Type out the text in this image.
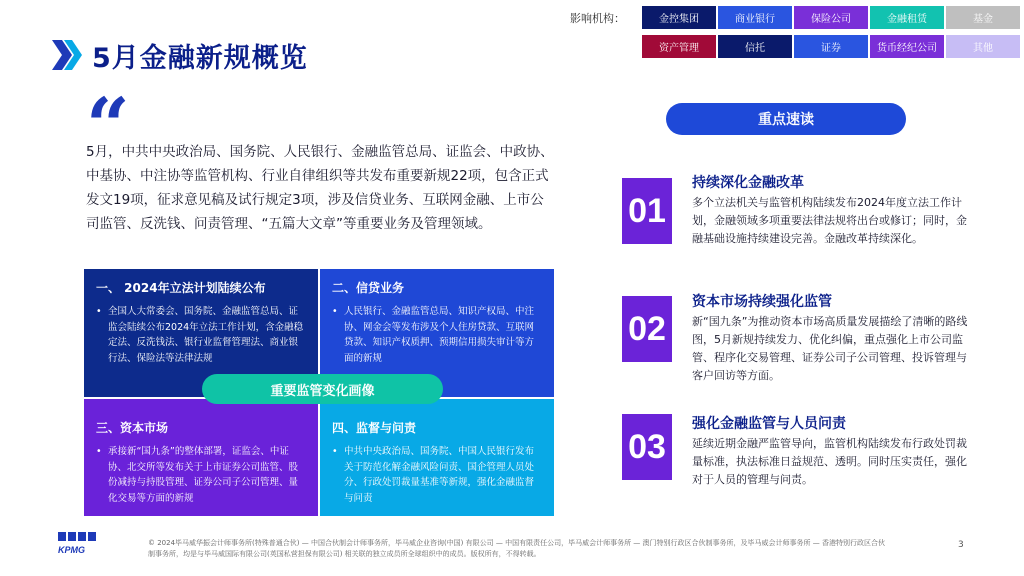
5月金融新规概览
影响机构：	金控集团	商业银行	保险公司	金融租赁	基金
资产管理	信托	证券	货币经纪公司	其他
“
5月，中共中央政治局、国务院、人民银行、金融监管总局、证监会、中政协、中基协、中注协等监管机构、行业自律组织等共发布重要新规22项，包含正式发文19项，征求意见稿及试行规定3项，涉及信贷业务、互联网金融、上市公司监管、反洗钱、问责管理、“五篇大文章”等重要业务及管理领域。
一、 2024年立法计划陆续公布
• 全国人大常委会、国务院、金融监管总局、证监会陆续公布2024年立法工作计划，含金融稳定法、反洗钱法、银行业监督管理法、商业银行法、保险法等法律法规
二、信贷业务
• 人民银行、金融监管总局、知识产权局、中注协、网金会等发布涉及个人住房贷款、互联网贷款、知识产权质押、预期信用损失审计等方面的新规
三、资本市场
• 承接新“国九条”的整体部署，证监会、中证协、北交所等发布关于上市证券公司监管、股份减持与持股管理、证券公司子公司管理、量化交易等方面的新规
四、监督与问责
• 中共中央政治局、国务院、中国人民银行发布关于防范化解金融风险问责、国企管理人员处分、行政处罚裁量基准等新规，强化金融监督与问责
重要监管变化画像
重点速读
01
持续深化金融改革
多个立法机关与监管机构陆续发布2024年度立法工作计划，金融领域多项重要法律法规将出台或修订；同时，金融基础设施持续建设完善。金融改革持续深化。
02
资本市场持续强化监管
新“国九条”为推动资本市场高质量发展描绘了清晰的路线图，5月新规持续发力、优化纠偏，重点强化上市公司监管、程序化交易管理、证券公司子公司管理、投诉管理与客户回访等方面。
03
强化金融监管与人员问责
延续近期金融严监管导向，监管机构陆续发布行政处罚裁量标准，执法标准日益规范、透明。同时压实责任，强化对于人员的管理与问责。
KPMG
© 2024毕马威华振会计师事务所(特殊普通合伙) — 中国合伙制会计师事务所，毕马威企业咨询(中国) 有限公司 — 中国有限责任公司，毕马威会计师事务所 — 澳门特别行政区合伙制事务所，及毕马威会计师事务所 — 香港特别行政区合伙制事务所，均是与毕马威国际有限公司(英国私营担保有限公司) 相关联的独立成员所全球组织中的成员。版权所有，不得转载。
3
